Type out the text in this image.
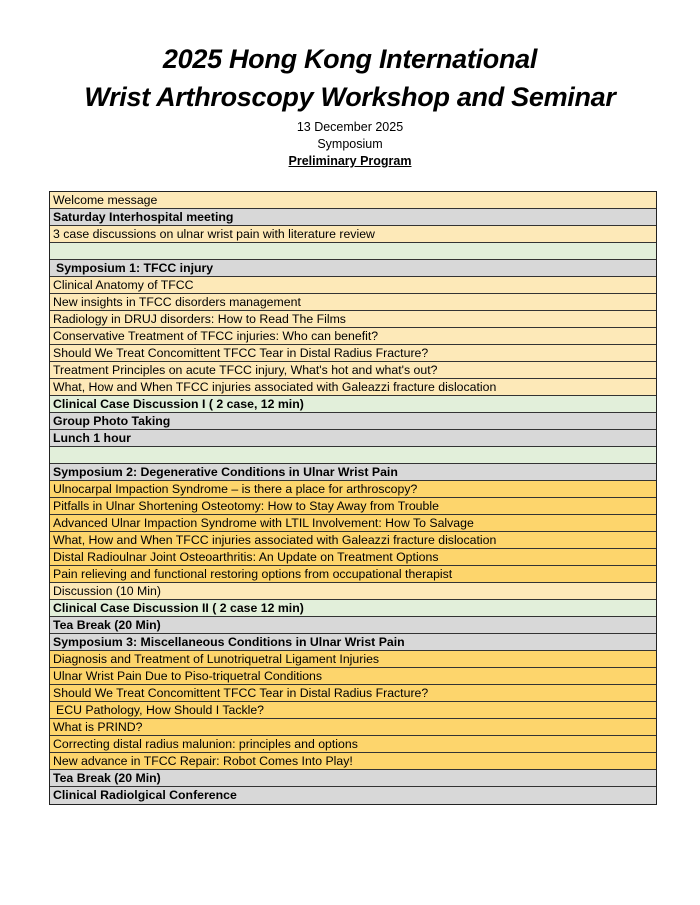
2025 Hong Kong International
Wrist Arthroscopy Workshop and Seminar
13 December 2025
Symposium
Preliminary Program
Welcome message
Saturday Interhospital meeting
3 case discussions on ulnar wrist pain with literature review
Symposium 1: TFCC injury
Clinical Anatomy of TFCC
New insights in TFCC disorders management
Radiology in DRUJ disorders: How to Read The Films
Conservative Treatment of TFCC injuries: Who can benefit?
Should We Treat Concomittent TFCC Tear in Distal Radius Fracture?
Treatment Principles on acute TFCC injury, What's hot and what's out?
What, How and When TFCC injuries associated with Galeazzi fracture dislocation
Clinical Case Discussion I ( 2 case, 12 min)
Group Photo Taking
Lunch 1 hour
Symposium 2: Degenerative Conditions in Ulnar Wrist Pain
Ulnocarpal Impaction Syndrome – is there a place for arthroscopy?
Pitfalls in Ulnar Shortening Osteotomy: How to Stay Away from Trouble
Advanced Ulnar Impaction Syndrome with LTIL Involvement: How To Salvage
What, How and When TFCC injuries associated with Galeazzi fracture dislocation
Distal Radioulnar Joint Osteoarthritis: An Update on Treatment Options
Pain relieving and functional restoring options from occupational therapist
Discussion (10 Min)
Clinical Case Discussion II ( 2 case 12 min)
Tea Break (20 Min)
Symposium 3: Miscellaneous Conditions in Ulnar Wrist Pain
Diagnosis and Treatment of Lunotriquetral Ligament Injuries
Ulnar Wrist Pain Due to Piso-triquetral Conditions
Should We Treat Concomittent TFCC Tear in Distal Radius Fracture?
ECU Pathology, How Should I Tackle?
What is PRIND?
Correcting distal radius malunion: principles and options
New advance in TFCC Repair: Robot Comes Into Play!
Tea Break (20 Min)
Clinical Radiolgical Conference
